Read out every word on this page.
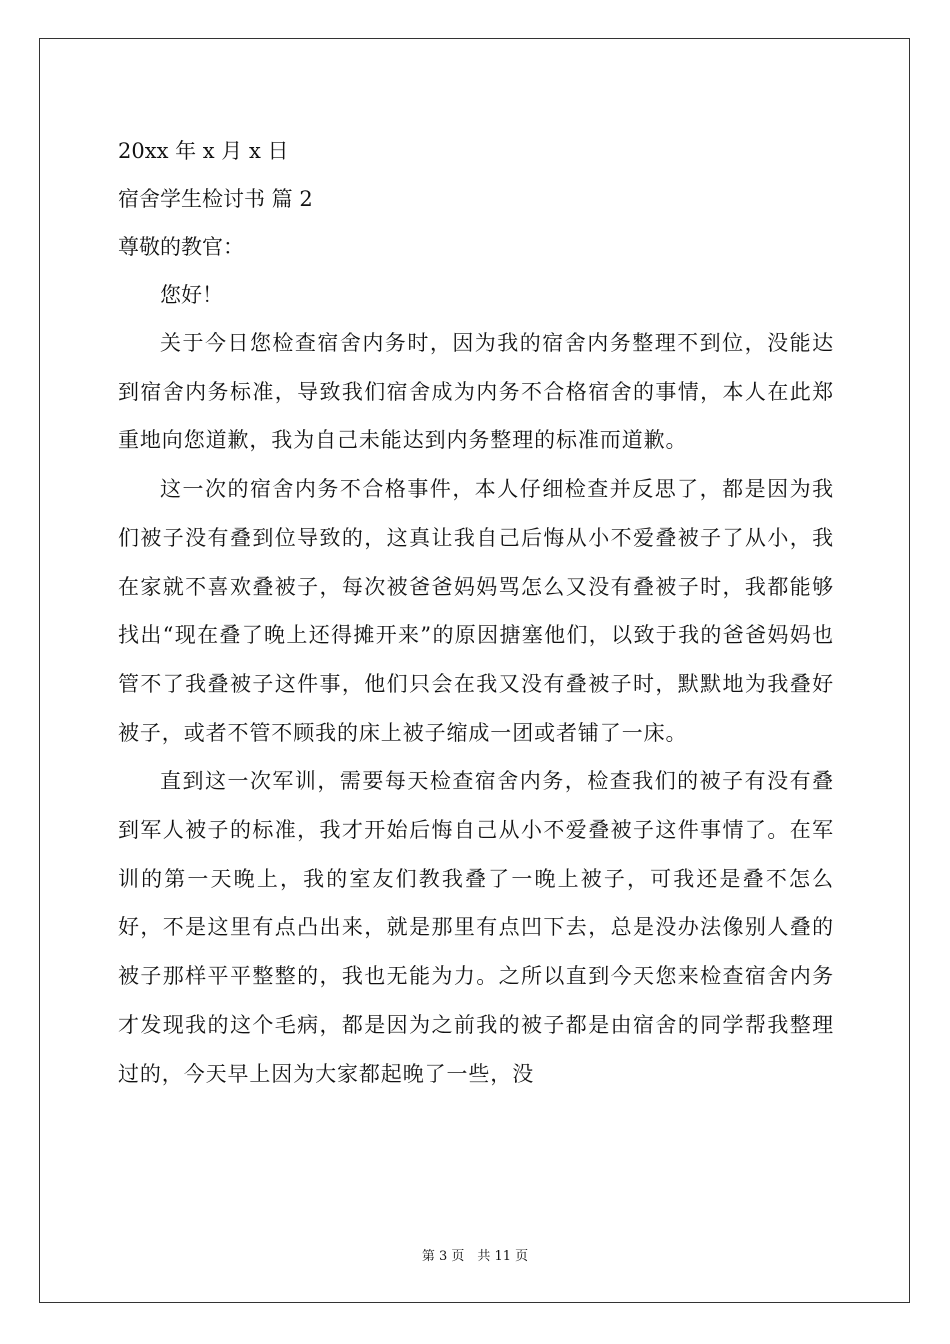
20xx 年 x 月 x 日

宿舍学生检讨书 篇 2

尊敬的教官：

您好！

关于今日您检查宿舍内务时，因为我的宿舍内务整理不到位，没能达到宿舍内务标准，导致我们宿舍成为内务不合格宿舍的事情，本人在此郑重地向您道歉，我为自己未能达到内务整理的标准而道歉。

这一次的宿舍内务不合格事件，本人仔细检查并反思了，都是因为我们被子没有叠到位导致的，这真让我自己后悔从小不爱叠被子了从小，我在家就不喜欢叠被子，每次被爸爸妈妈骂怎么又没有叠被子时，我都能够找出“现在叠了晚上还得摊开来”的原因搪塞他们，以致于我的爸爸妈妈也管不了我叠被子这件事，他们只会在我又没有叠被子时，默默地为我叠好被子，或者不管不顾我的床上被子缩成一团或者铺了一床。

直到这一次军训，需要每天检查宿舍内务，检查我们的被子有没有叠到军人被子的标准，我才开始后悔自己从小不爱叠被子这件事情了。在军训的第一天晚上，我的室友们教我叠了一晚上被子，可我还是叠不怎么好，不是这里有点凸出来，就是那里有点凹下去，总是没办法像别人叠的被子那样平平整整的，我也无能为力。之所以直到今天您来检查宿舍内务才发现我的这个毛病，都是因为之前我的被子都是由宿舍的同学帮我整理过的，今天早上因为大家都起晚了一些，没

第 3 页　共 11 页
